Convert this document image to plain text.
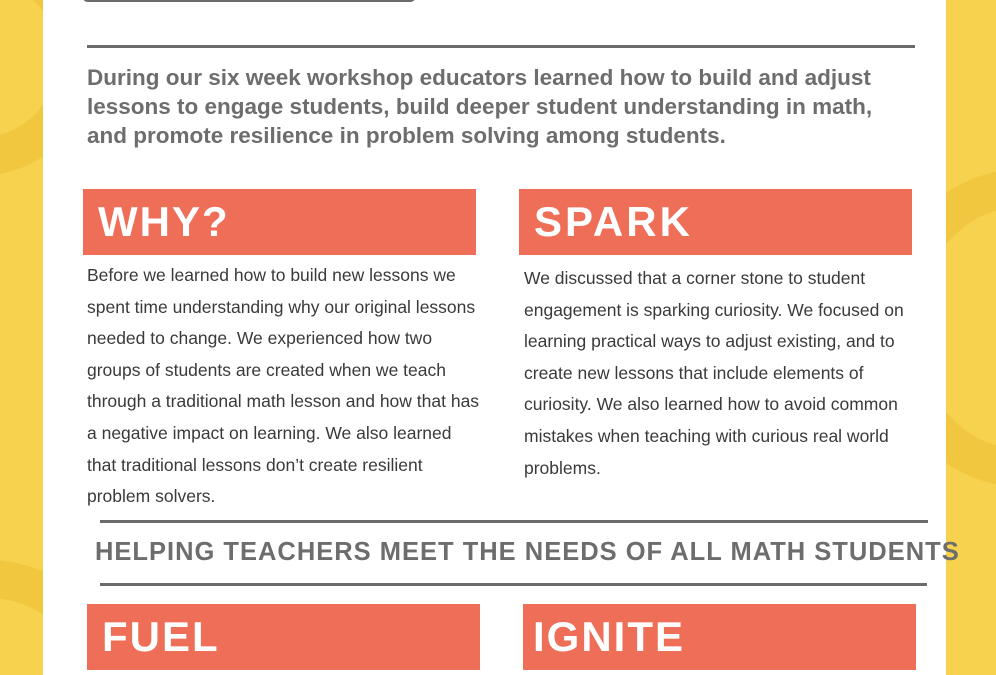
During our six week workshop educators learned how to build and adjust lessons to engage students, build deeper student understanding in math, and promote resilience in problem solving among students.

WHY?

Before we learned how to build new lessons we spent time understanding why our original lessons needed to change. We experienced how two groups of students are created when we teach through a traditional math lesson and how that has a negative impact on learning. We also learned that traditional lessons don’t create resilient problem solvers.

SPARK

We discussed that a corner stone to student engagement is sparking curiosity. We focused on learning practical ways to adjust existing, and to create new lessons that include elements of curiosity. We also learned how to avoid common mistakes when teaching with curious real world problems.

HELPING TEACHERS MEET THE NEEDS OF ALL MATH STUDENTS

FUEL	IGNITE
